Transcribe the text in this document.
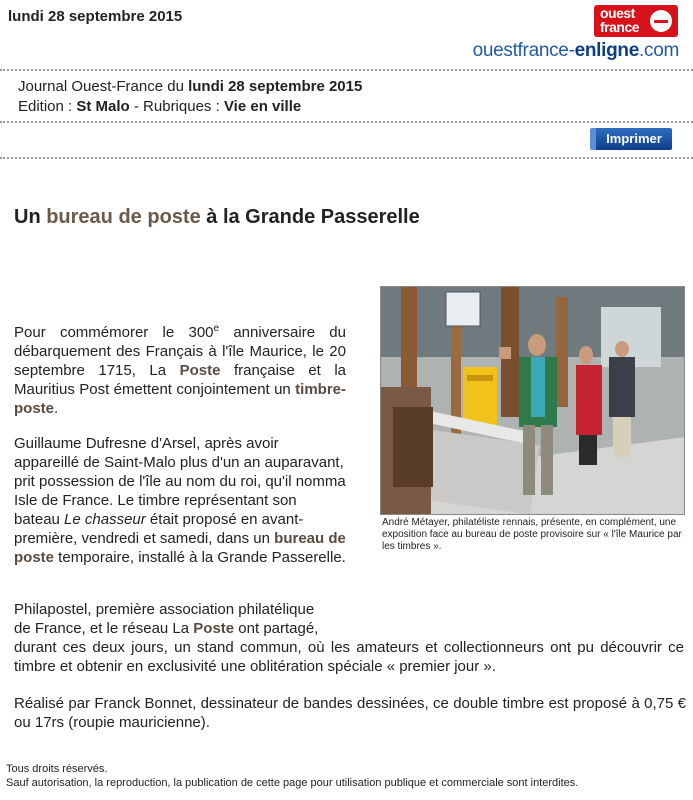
lundi 28 septembre 2015	ouest
france
ouestfrance-enligne.com
Journal Ouest-France du lundi 28 septembre 2015
Edition : St Malo - Rubriques : Vie en ville
Imprimer
Un bureau de poste à la Grande Passerelle
Pour commémorer le 300e anniversaire du débarquement des Français à l'île Maurice, le 20 septembre 1715, La Poste française et la Mauritius Post émettent conjointement un timbre-poste.
Guillaume Dufresne d'Arsel, après avoir appareillé de Saint-Malo plus d'un an auparavant, prit possession de l'île au nom du roi, qu'il nomma Isle de France. Le timbre représentant son bateau Le chasseur était proposé en avant-première, vendredi et samedi, dans un bureau de poste temporaire, installé à la Grande Passerelle.
André Métayer, philatéliste rennais, présente, en complément, une exposition face au bureau de poste provisoire sur « l'île Maurice par les timbres ».
Philapostel, première association philatélique
de France, et le réseau La Poste ont partagé,
durant ces deux jours, un stand commun, où les amateurs et collectionneurs ont pu découvrir ce timbre et obtenir en exclusivité une oblitération spéciale « premier jour ».
Réalisé par Franck Bonnet, dessinateur de bandes dessinées, ce double timbre est proposé à 0,75 € ou 17rs (roupie mauricienne).
Tous droits réservés.
Sauf autorisation, la reproduction, la publication de cette page pour utilisation publique et commerciale sont interdites.
